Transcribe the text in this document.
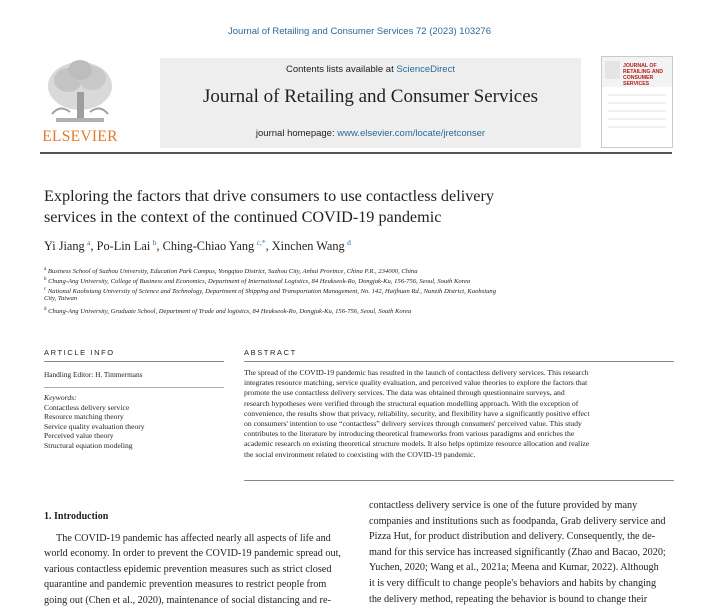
Journal of Retailing and Consumer Services 72 (2023) 103276
ELSEVIER
Contents lists available at ScienceDirect
Journal of Retailing and Consumer Services
journal homepage: www.elsevier.com/locate/jretconser
JOURNAL OF RETAILING AND CONSUMER SERVICES
Exploring the factors that drive consumers to use contactless delivery
services in the context of the continued COVID-19 pandemic
Yi Jiang  $^a$, Po-Lin Lai  $^b$, Ching-Chiao Yang  $^{c,*}$, Xinchen Wang  $^d$
$^a$ Business School of Suzhou University, Education Park Campus, Yongqiao District, Suzhou City, Anhui Province, China P.R., 234000, China
$^b$ Chung-Ang University, College of Business and Economics, Department of International Logistics, 84 Heukseok-Ro, Dongjak-Ku, 156-756, Seoul, South Korea
$^c$ National Kaohsiung University of Science and Technology, Department of Shipping and Transportation Management, No. 142, Haijhuan Rd., Nanzih District, Kaohsiung
City, Taiwan
$^d$ Chung-Ang University, Graduate School, Department of Trade and logistics, 84 Heukseok-Ro, Dongjak-Ku, 156-756, Seoul, South Korea
ARTICLE INFO	ABSTRACT
Handling Editor: H. Timmermans
Keywords:
Contactless delivery service
Resource matching theory
Service quality evaluation theory
Perceived value theory
Structural equation modeling
The spread of the COVID-19 pandemic has resulted in the launch of contactless delivery services. This research
integrates resource matching, service quality evaluation, and perceived value theories to explore the factors that
promote the use contactless delivery services. The data was obtained through questionnaire surveys, and
research hypotheses were verified through the structural equation modelling approach. With the exception of
convenience, the results show that privacy, reliability, security, and flexibility have a significantly positive effect
on consumers' intention to use “contactless” delivery services through consumers' perceived value. This study
contributes to the literature by introducing theoretical frameworks from various paradigms and enriches the
academic research on existing theoretical structure models. It also helps optimize resource allocation and realize
the social environment related to coexisting with the COVID-19 pandemic.
1. Introduction
The COVID-19 pandemic has affected nearly all aspects of life and
world economy. In order to prevent the COVID-19 pandemic spread out,
various contactless epidemic prevention measures such as strict closed
quarantine and pandemic prevention measures to restrict people from
going out (Chen et al., 2020), maintenance of social distancing and re-
contactless delivery service is one of the future provided by many
companies and institutions such as foodpanda, Grab delivery service and
Pizza Hut, for product distribution and delivery. Consequently, the de-
mand for this service has increased significantly (Zhao and Bacao, 2020;
Yuchen, 2020; Wang et al., 2021a; Meena and Kumar, 2022). Although
it is very difficult to change people's behaviors and habits by changing
the delivery method, repeating the behavior is bound to change their
